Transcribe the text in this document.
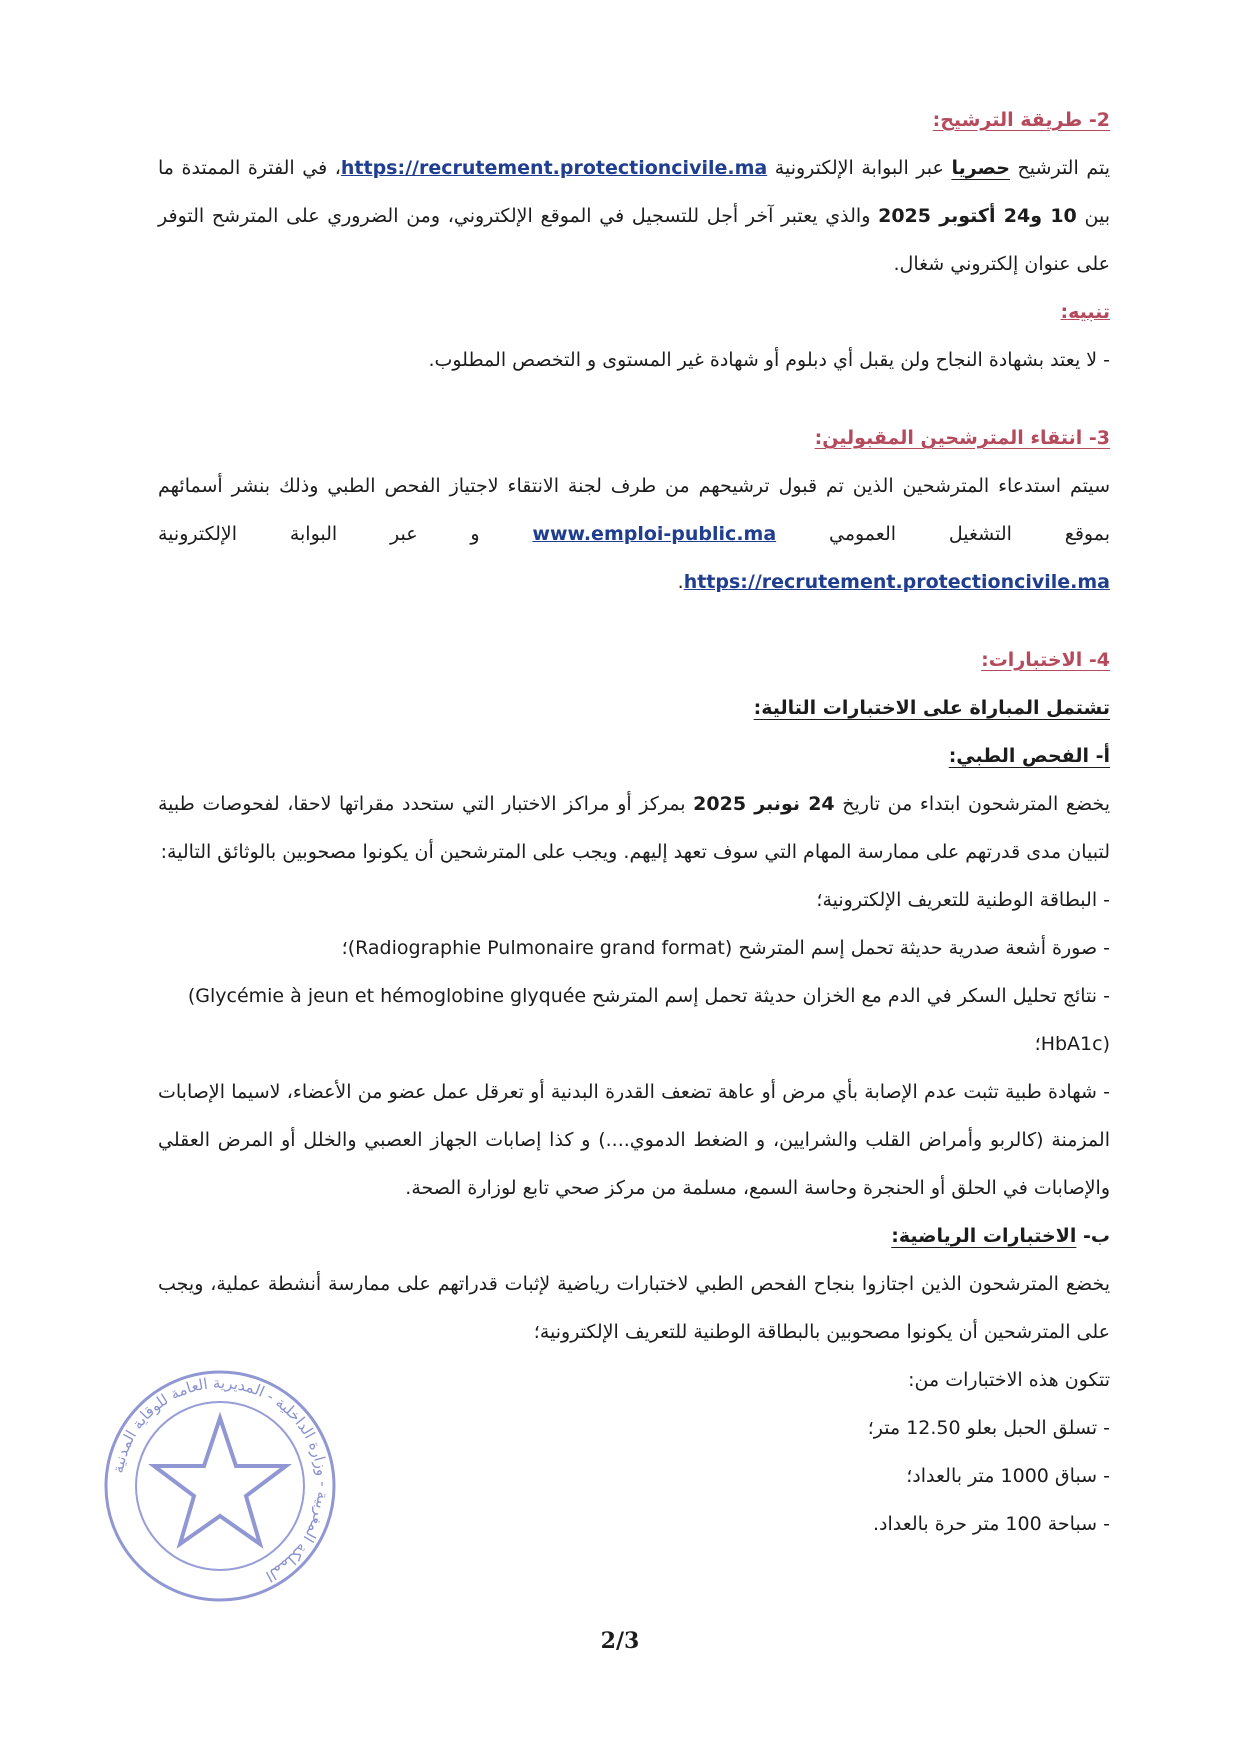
2- طريقة الترشيح:

يتم الترشيح حصريا عبر البوابة الإلكترونية https://recrutement.protectioncivile.ma، في الفترة الممتدة ما بين 10 و24 أكتوبر 2025 والذي يعتبر آخر أجل للتسجيل في الموقع الإلكتروني، ومن الضروري على المترشح التوفر على عنوان إلكتروني شغال.

تنبيه:

- لا يعتد بشهادة النجاح ولن يقبل أي دبلوم أو شهادة غير المستوى و التخصص المطلوب.

3- انتقاء المترشحين المقبولين:

سيتم استدعاء المترشحين الذين تم قبول ترشيحهم من طرف لجنة الانتقاء لاجتياز الفحص الطبي وذلك بنشر أسمائهم بموقع التشغيل العمومي www.emploi-public.ma و عبر البوابة الإلكترونية https://recrutement.protectioncivile.ma.

4- الاختبارات:

تشتمل المباراة على الاختبارات التالية:

أ- الفحص الطبي:

يخضع المترشحون ابتداء من تاريخ 24 نونبر 2025 بمركز أو مراكز الاختبار التي ستحدد مقراتها لاحقا، لفحوصات طبية لتبيان مدى قدرتهم على ممارسة المهام التي سوف تعهد إليهم. ويجب على المترشحين أن يكونوا مصحوبين بالوثائق التالية:

- البطاقة الوطنية للتعريف الإلكترونية؛

- صورة أشعة صدرية حديثة تحمل إسم المترشح (Radiographie Pulmonaire grand format)؛

- نتائج تحليل السكر في الدم مع الخزان حديثة تحمل إسم المترشح (Glycémie à jeun et hémoglobine glyquée HbA1c)؛

- شهادة طبية تثبت عدم الإصابة بأي مرض أو عاهة تضعف القدرة البدنية أو تعرقل عمل عضو من الأعضاء، لاسيما الإصابات المزمنة (كالربو وأمراض القلب والشرايين، و الضغط الدموي....) و كذا إصابات الجهاز العصبي والخلل أو المرض العقلي والإصابات في الحلق أو الحنجرة وحاسة السمع، مسلمة من مركز صحي تابع لوزارة الصحة.

ب- الاختبارات الرياضية:

يخضع المترشحون الذين اجتازوا بنجاح الفحص الطبي لاختبارات رياضية لإثبات قدراتهم على ممارسة أنشطة عملية، ويجب على المترشحين أن يكونوا مصحوبين بالبطاقة الوطنية للتعريف الإلكترونية؛

تتكون هذه الاختبارات من:

- تسلق الحبل بعلو 12.50 متر؛

- سباق 1000 متر بالعداد؛

- سباحة 100 متر حرة بالعداد.

المملكة المغربية - وزارة الداخلية - المديرية العامة للوقاية المدنية
2/3
